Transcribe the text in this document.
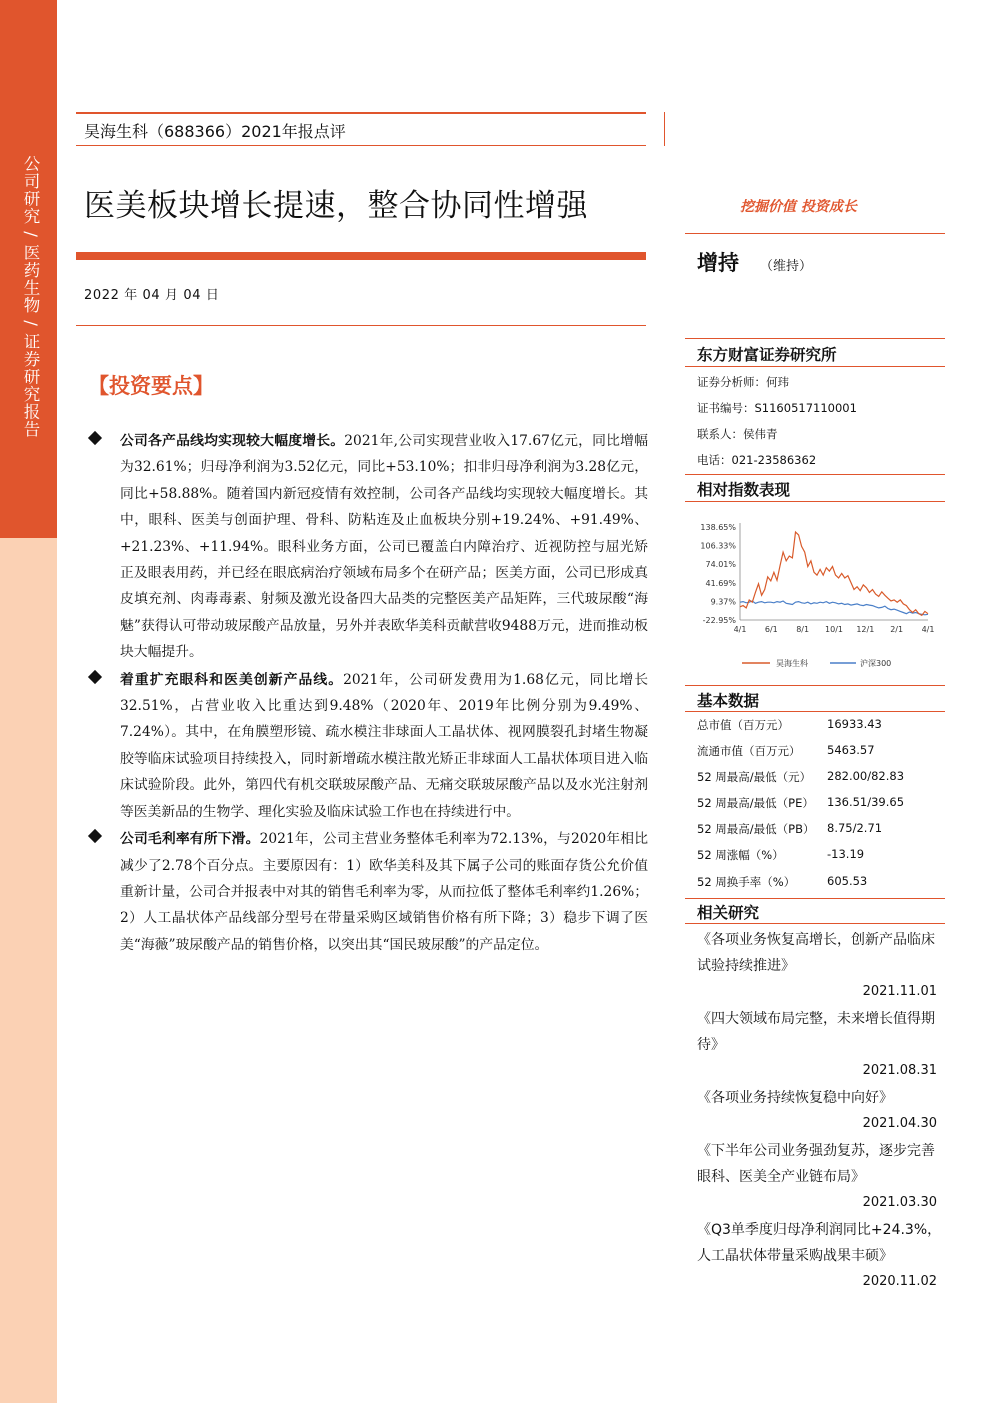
公司研究 / 医药生物 / 证券研究报告
昊海生科（688366）2021年报点评
医美板块增长提速，整合协同性增强
2022 年 04 月 04 日
【投资要点】

公司各产品线均实现较大幅度增长。2021年,公司实现营业收入17.67亿元，同比增幅为32.61%；归母净利润为3.52亿元，同比+53.10%；扣非归母净利润为3.28亿元，同比+58.88%。随着国内新冠疫情有效控制，公司各产品线均实现较大幅度增长。其中，眼科、医美与创面护理、骨科、防粘连及止血板块分别+19.24%、+91.49%、+21.23%、+11.94%。眼科业务方面，公司已覆盖白内障治疗、近视防控与屈光矫正及眼表用药，并已经在眼底病治疗领域布局多个在研产品；医美方面，公司已形成真皮填充剂、肉毒毒素、射频及激光设备四大品类的完整医美产品矩阵，三代玻尿酸“海魅”获得认可带动玻尿酸产品放量，另外并表欧华美科贡献营收9488万元，进而推动板块大幅提升。

着重扩充眼科和医美创新产品线。2021年，公司研发费用为1.68亿元，同比增长32.51%，占营业收入比重达到9.48%（2020年、2019年比例分别为9.49%、7.24%）。其中，在角膜塑形镜、疏水模注非球面人工晶状体、视网膜裂孔封堵生物凝胶等临床试验项目持续投入，同时新增疏水模注散光矫正非球面人工晶状体项目进入临床试验阶段。此外，第四代有机交联玻尿酸产品、无痛交联玻尿酸产品以及水光注射剂等医美新品的生物学、理化实验及临床试验工作也在持续进行中。

公司毛利率有所下滑。2021年，公司主营业务整体毛利率为72.13%，与2020年相比减少了2.78个百分点。主要原因有：1）欧华美科及其下属子公司的账面存货公允价值重新计量，公司合并报表中对其的销售毛利率为零，从而拉低了整体毛利率约1.26%；2）人工晶状体产品线部分型号在带量采购区域销售价格有所下降；3）稳步下调了医美“海薇”玻尿酸产品的销售价格，以突出其“国民玻尿酸”的产品定位。

挖掘价值 投资成长
增持 （维持）
东方财富证券研究所
证券分析师：何玮
证书编号：S1160517110001
联系人：侯伟青
电话：021-23586362
相对指数表现
138.65%
106.33%
74.01%
41.69%
9.37%
-22.95%
4/1 6/1 8/1 10/1 12/1 2/1 4/1
昊海生科	沪深300
基本数据
总市值（百万元）	16933.43
流通市值（百万元） 5463.57
52 周最高/最低（元） 282.00/82.83
52 周最高/最低（PE） 136.51/39.65
52 周最高/最低（PB） 8.75/2.71
52 周涨幅（%）	-13.19
52 周换手率（%）	605.53
相关研究
《各项业务恢复高增长，创新产品临床试验持续推进》
2021.11.01
《四大领域布局完整，未来增长值得期待》
2021.08.31
《各项业务持续恢复稳中向好》
2021.04.30
《下半年公司业务强劲复苏，逐步完善眼科、医美全产业链布局》
2021.03.30
《Q3单季度归母净利润同比+24.3%，人工晶状体带量采购战果丰硕》
2020.11.02
